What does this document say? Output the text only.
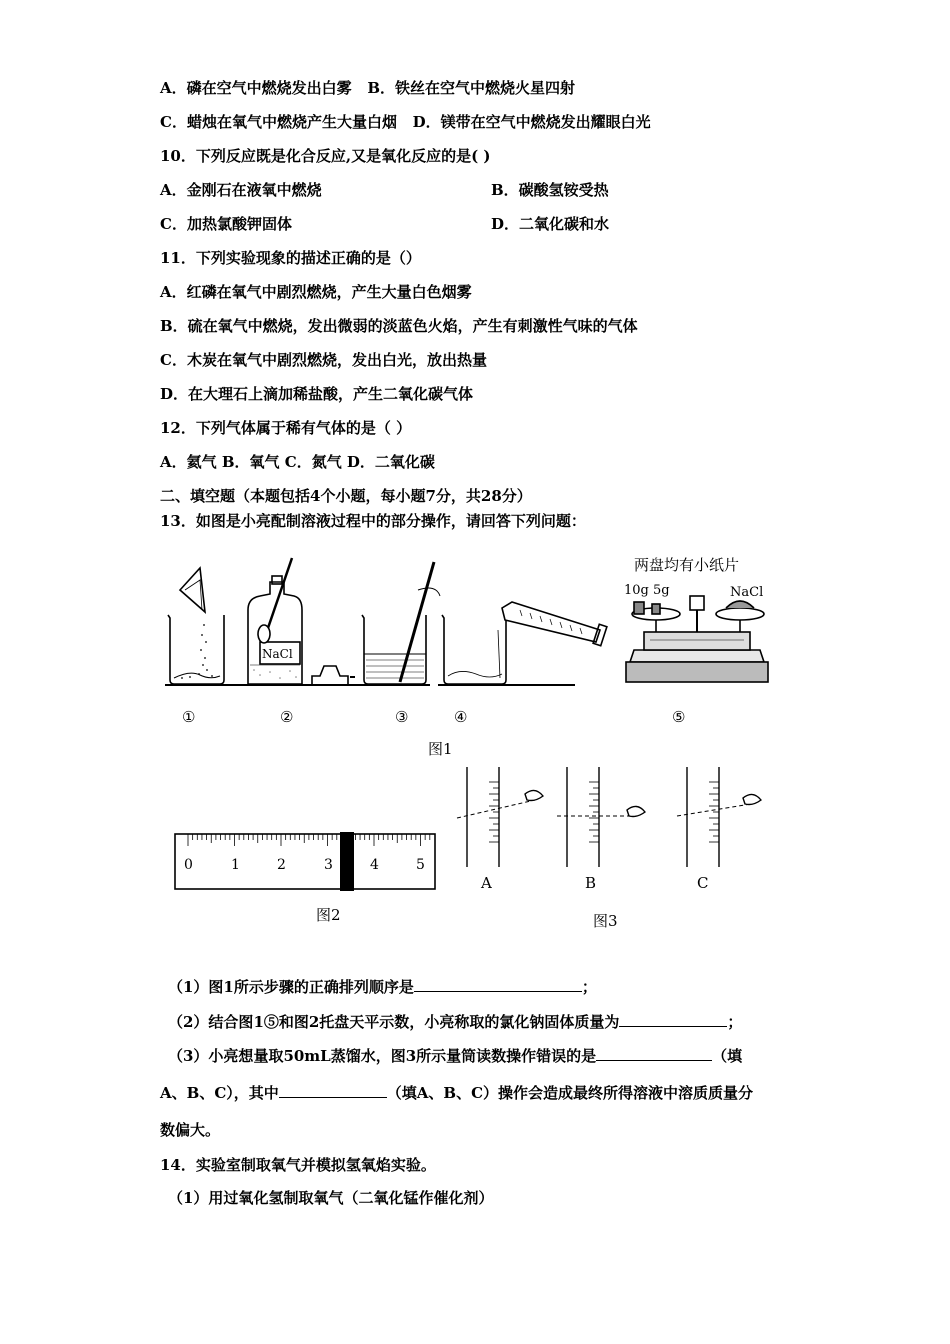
A．磷在空气中燃烧发出白雾 B．铁丝在空气中燃烧火星四射
C．蜡烛在氧气中燃烧产生大量白烟 D．镁带在空气中燃烧发出耀眼白光
10．下列反应既是化合反应,又是氧化反应的是( )
A．金刚石在液氧中燃烧	B．碳酸氢铵受热
C．加热氯酸钾固体	D．二氧化碳和水
11．下列实验现象的描述正确的是（）
A．红磷在氧气中剧烈燃烧，产生大量白色烟雾
B．硫在氧气中燃烧，发出微弱的淡蓝色火焰，产生有刺激性气味的气体
C．木炭在氧气中剧烈燃烧，发出白光，放出热量
D．在大理石上滴加稀盐酸，产生二氧化碳气体
12．下列气体属于稀有气体的是（ ）
A．氦气 B．氧气 C．氮气 D．二氧化碳
二、填空题（本题包括4个小题，每小题7分，共28分）
13．如图是小亮配制溶液过程中的部分操作，请回答下列问题：
NaCl
两盘均有小纸片
10g 5g	NaCl
①	②	③	④	⑤
图1
0	1	2	3	4	5
图2
A	B	C
图3
（1）图1所示步骤的正确排列顺序是	；
（2）结合图1⑤和图2托盘天平示数，小亮称取的氯化钠固体质量为	；
（3）小亮想量取50mL蒸馏水，图3所示量筒读数操作错误的是	（填
A、B、C），其中	（填A、B、C）操作会造成最终所得溶液中溶质质量分
数偏大。
14．实验室制取氧气并模拟氢氧焰实验。
（1）用过氧化氢制取氧气（二氧化锰作催化剂）
